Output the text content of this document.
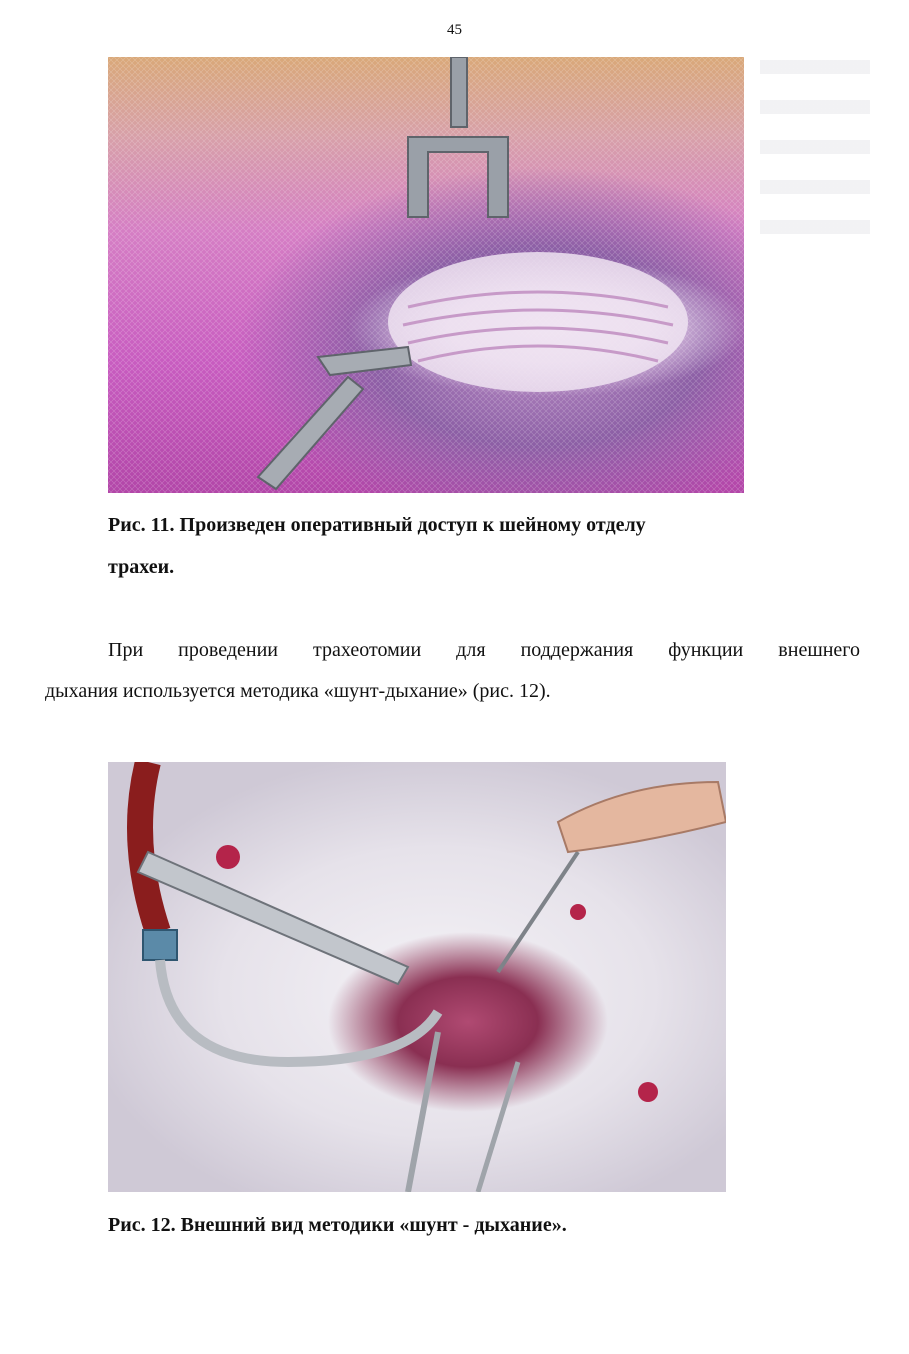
45
Рис. 11. Произведен оперативный доступ к шейному отделу
трахеи.
При проведении трахеотомии для поддержания функции внешнего
дыхания используется методика «шунт-дыхание» (рис. 12).
Рис. 12. Внешний вид методики «шунт - дыхание».
